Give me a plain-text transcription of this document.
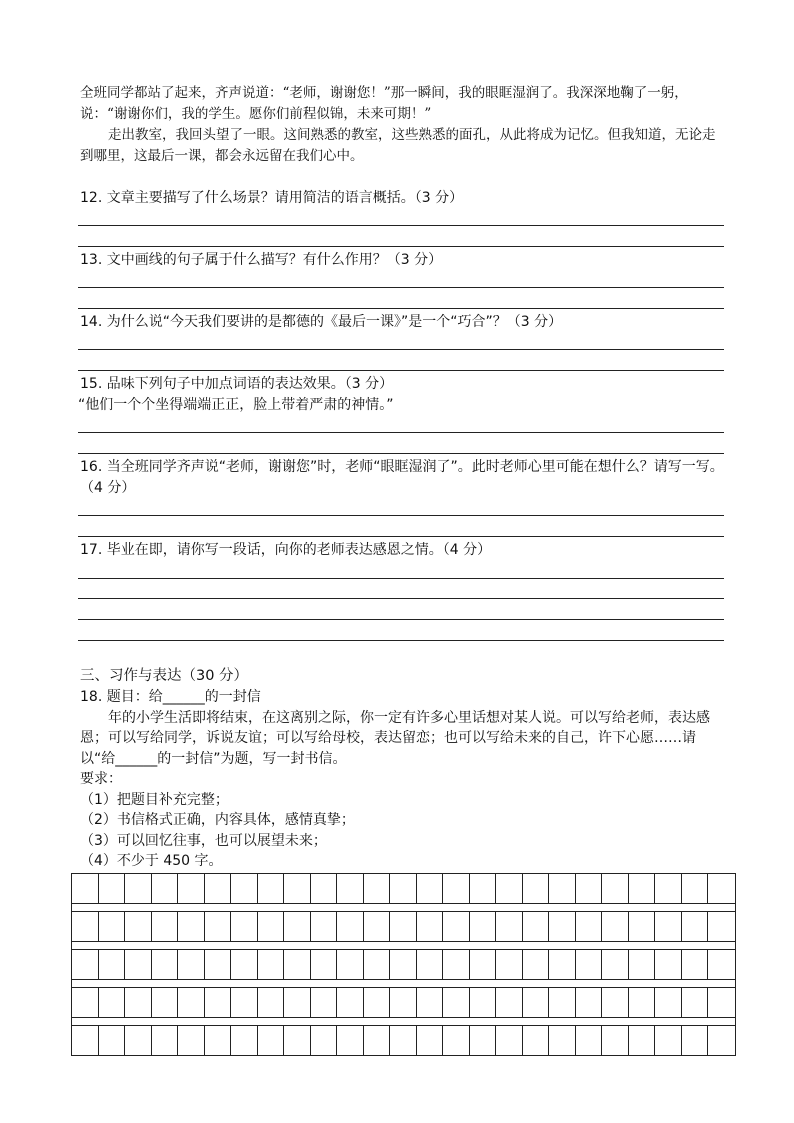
全班同学都站了起来，齐声说道：“老师，谢谢您！”那一瞬间，我的眼眶湿润了。我深深地鞠了一躬，说：“谢谢你们，我的学生。愿你们前程似锦，未来可期！”

走出教室，我回头望了一眼。这间熟悉的教室，这些熟悉的面孔，从此将成为记忆。但我知道，无论走到哪里，这最后一课，都会永远留在我们心中。

12. 文章主要描写了什么场景？请用简洁的语言概括。（3 分）
13. 文中画线的句子属于什么描写？有什么作用？（3 分）
14. 为什么说“今天我们要讲的是都德的《最后一课》”是一个“巧合”？（3 分）
15. 品味下列句子中加点词语的表达效果。（3 分）
“他们一个个坐得端端正正，脸上带着严肃的神情。”
16. 当全班同学齐声说“老师，谢谢您”时，老师“眼眶湿润了”。此时老师心里可能在想什么？请写一写。（4 分）
17. 毕业在即，请你写一段话，向你的老师表达感恩之情。（4 分）
三、习作与表达（30 分）

18. 题目：给______的一封信

年的小学生活即将结束，在这离别之际，你一定有许多心里话想对某人说。可以写给老师，表达感恩；可以写给同学，诉说友谊；可以写给母校，表达留恋；也可以写给未来的自己，许下心愿……请以“给______的一封信”为题，写一封书信。

要求：

（1）把题目补充完整；

（2）书信格式正确，内容具体，感情真挚；

（3）可以回忆往事，也可以展望未来；

（4）不少于 450 字。
